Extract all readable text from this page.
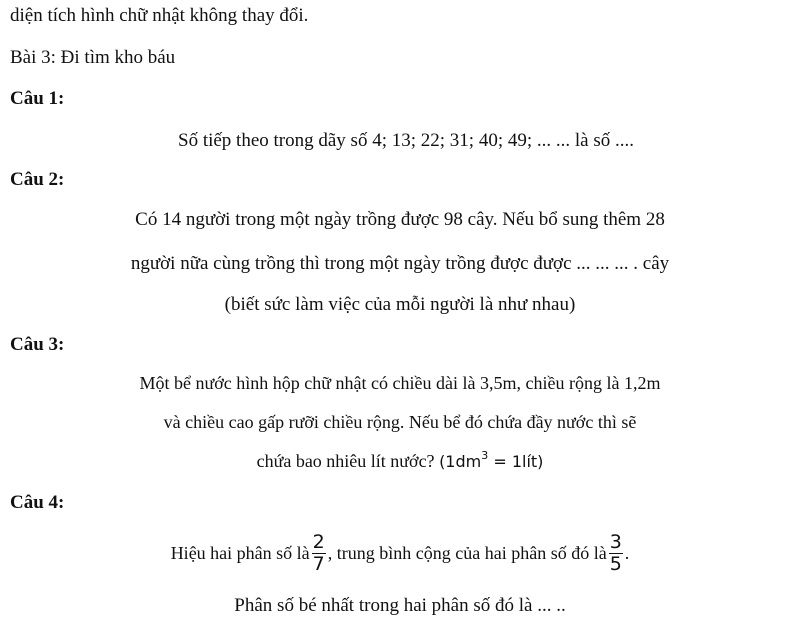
diện tích hình chữ nhật không thay đổi.
Bài 3: Đi tìm kho báu
Câu 1:
Số tiếp theo trong dãy số 4; 13; 22; 31; 40; 49; ... ... là số ....
Câu 2:
Có 14 người trong một ngày trồng được 98 cây. Nếu bổ sung thêm 28
người nữa cùng trồng thì trong một ngày trồng được được ... ... ... . cây
(biết sức làm việc của mỗi người là như nhau)
Câu 3:
Một bể nước hình hộp chữ nhật có chiều dài là 3,5m, chiều rộng là 1,2m
và chiều cao gấp rưỡi chiều rộng. Nếu bể đó chứa đầy nước thì sẽ
chứa bao nhiêu lít nước? ($1dm^3$ = 1lít)
Câu 4:
Hiệu hai phân số là $\frac{2}{7}$ , trung bình cộng của hai phân số đó là $\frac{3}{5}$ .
Phân số bé nhất trong hai phân số đó là ... ..
